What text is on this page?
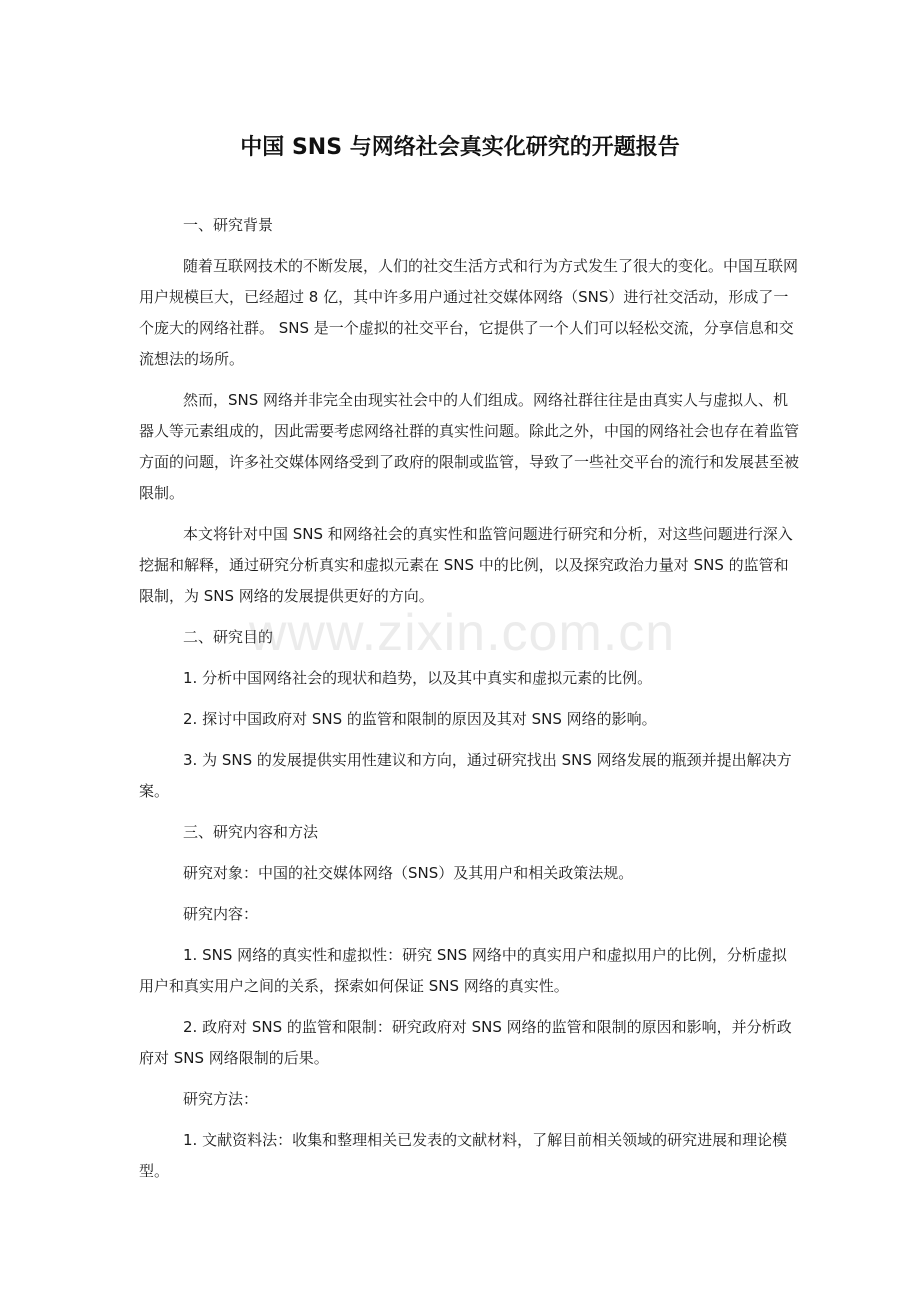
中国 SNS 与网络社会真实化研究的开题报告

一、研究背景

随着互联网技术的不断发展，人们的社交生活方式和行为方式发生了很大的变化。中国互联网用户规模巨大，已经超过 8 亿，其中许多用户通过社交媒体网络（SNS）进行社交活动，形成了一个庞大的网络社群。 SNS 是一个虚拟的社交平台，它提供了一个人们可以轻松交流，分享信息和交流想法的场所。

然而，SNS 网络并非完全由现实社会中的人们组成。网络社群往往是由真实人与虚拟人、机器人等元素组成的，因此需要考虑网络社群的真实性问题。除此之外，中国的网络社会也存在着监管方面的问题，许多社交媒体网络受到了政府的限制或监管，导致了一些社交平台的流行和发展甚至被限制。

本文将针对中国 SNS 和网络社会的真实性和监管问题进行研究和分析，对这些问题进行深入挖掘和解释，通过研究分析真实和虚拟元素在 SNS 中的比例，以及探究政治力量对 SNS 的监管和限制，为 SNS 网络的发展提供更好的方向。

二、研究目的

1. 分析中国网络社会的现状和趋势，以及其中真实和虚拟元素的比例。

2. 探讨中国政府对 SNS 的监管和限制的原因及其对 SNS 网络的影响。

3. 为 SNS 的发展提供实用性建议和方向，通过研究找出 SNS 网络发展的瓶颈并提出解决方案。

三、研究内容和方法

研究对象：中国的社交媒体网络（SNS）及其用户和相关政策法规。

研究内容：

1. SNS 网络的真实性和虚拟性：研究 SNS 网络中的真实用户和虚拟用户的比例，分析虚拟用户和真实用户之间的关系，探索如何保证 SNS 网络的真实性。

2. 政府对 SNS 的监管和限制：研究政府对 SNS 网络的监管和限制的原因和影响，并分析政府对 SNS 网络限制的后果。

研究方法：

1. 文献资料法：收集和整理相关已发表的文献材料，了解目前相关领域的研究进展和理论模型。

www.zixin.com.cn
